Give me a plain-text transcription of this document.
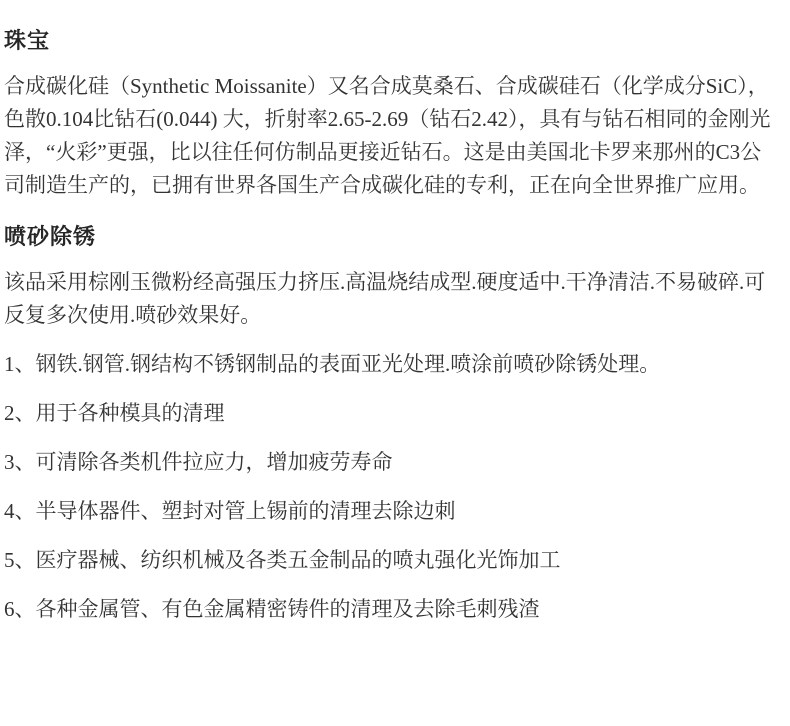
珠宝

合成碳化硅（Synthetic Moissanite）又名合成莫桑石、合成碳硅石（化学成分SiC），色散0.104比钻石(0.044) 大，折射率2.65-2.69（钻石2.42），具有与钻石相同的金刚光泽，“火彩”更强，比以往任何仿制品更接近钻石。这是由美国北卡罗来那州的C3公司制造生产的，已拥有世界各国生产合成碳化硅的专利，正在向全世界推广应用。

喷砂除锈

该品采用棕刚玉微粉经高强压力挤压.高温烧结成型.硬度适中.干净清洁.不易破碎.可反复多次使用.喷砂效果好。

1、钢铁.钢管.钢结构不锈钢制品的表面亚光处理.喷涂前喷砂除锈处理。

2、用于各种模具的清理

3、可清除各类机件拉应力，增加疲劳寿命

4、半导体器件、塑封对管上锡前的清理去除边刺

5、医疗器械、纺织机械及各类五金制品的喷丸强化光饰加工

6、各种金属管、有色金属精密铸件的清理及去除毛刺残渣
